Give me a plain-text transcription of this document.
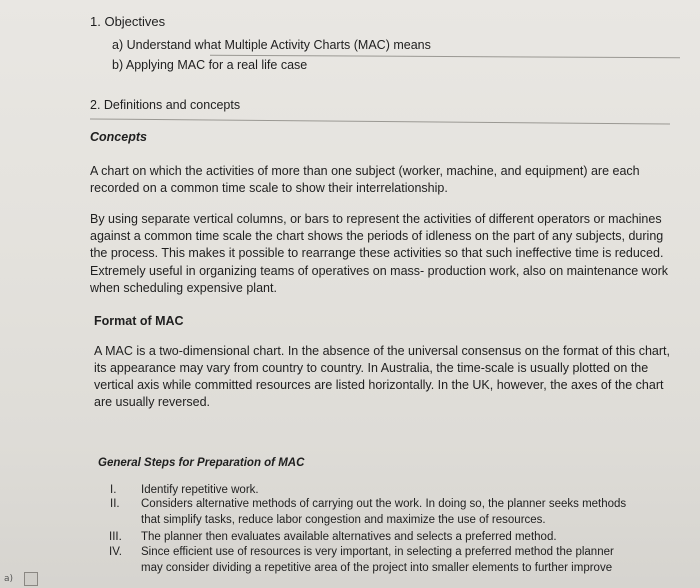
1. Objectives
a) Understand what Multiple Activity Charts (MAC) means
b) Applying MAC for a real life case
2. Definitions and concepts
Concepts
A chart on which the activities of more than one subject (worker, machine, and equipment) are each
recorded on a common time scale to show their interrelationship.
By using separate vertical columns, or bars to represent the activities of different operators or machines
against a common time scale the chart shows the periods of idleness on the part of any subjects, during
the process. This makes it possible to rearrange these activities so that such ineffective time is reduced.
Extremely useful in organizing teams of operatives on mass- production work, also on maintenance work
when scheduling expensive plant.
Format of MAC
A MAC is a two-dimensional chart. In the absence of the universal consensus on the format of this chart,
its appearance may vary from country to country. In Australia, the time-scale is usually plotted on the
vertical axis while committed resources are listed horizontally. In the UK, however, the axes of the chart
are usually reversed.
General Steps for Preparation of MAC
I. Identify repetitive work.
II. Considers alternative methods of carrying out the work. In doing so, the planner seeks methods
that simplify tasks, reduce labor congestion and maximize the use of resources.
III. The planner then evaluates available alternatives and selects a preferred method.
IV. Since efficient use of resources is very important, in selecting a preferred method the planner
may consider dividing a repetitive area of the project into smaller elements to further improve
a)
